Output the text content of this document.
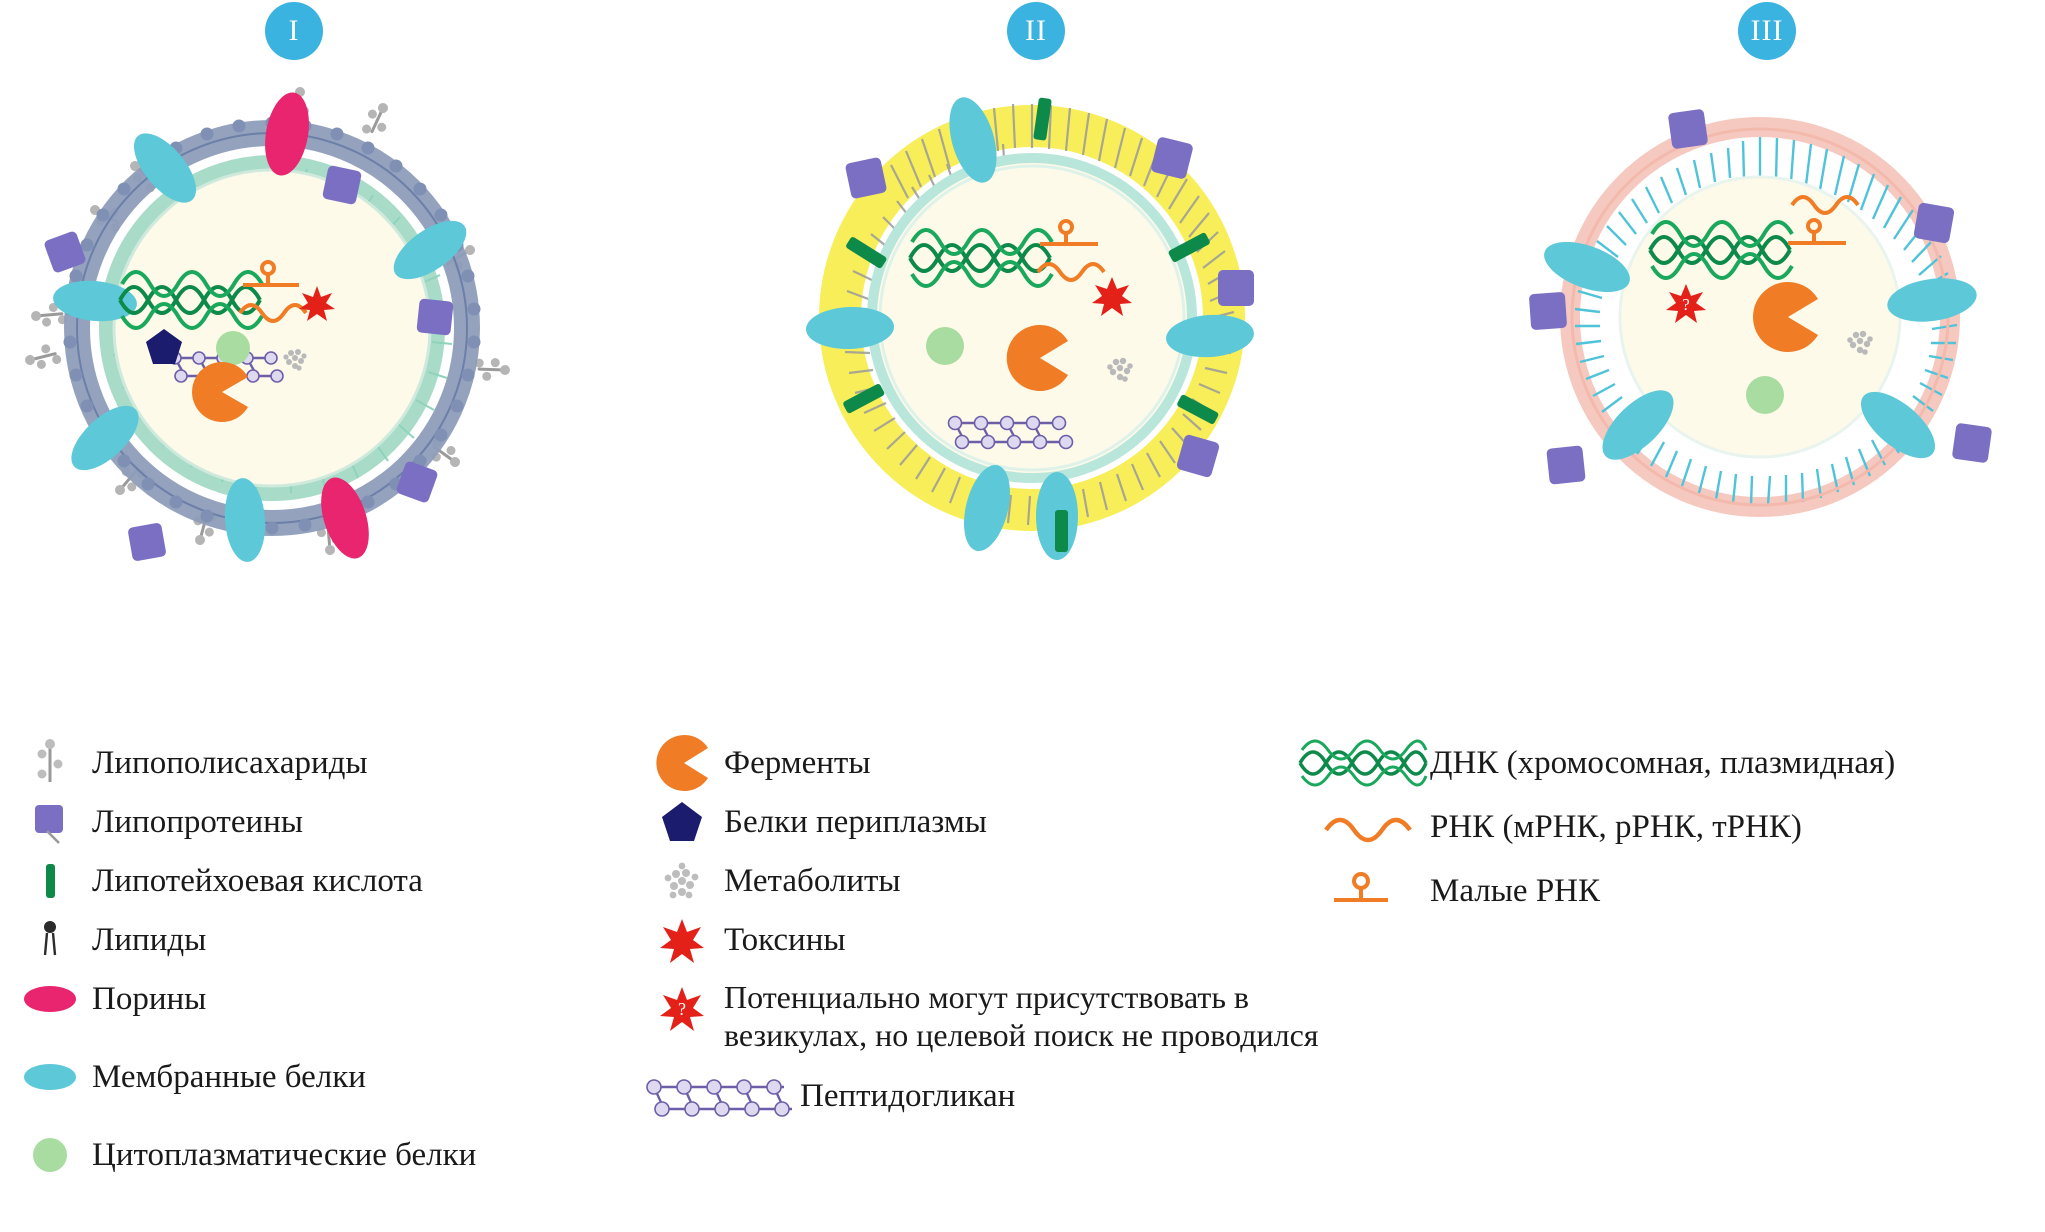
I	II	III
?
Липополисахариды
Липопротеины
Липотейхоевая кислота
Липиды
Порины
Мембранные белки
Цитоплазматические белки
Ферменты
Белки периплазмы
Метаболиты
Токсины
? Потенциально могут присутствовать в везикулах, но целевой поиск не проводился
Пептидогликан
ДНК (хромосомная, плазмидная)
РНК (мРНК, рРНК, тРНК)
Малые РНК
